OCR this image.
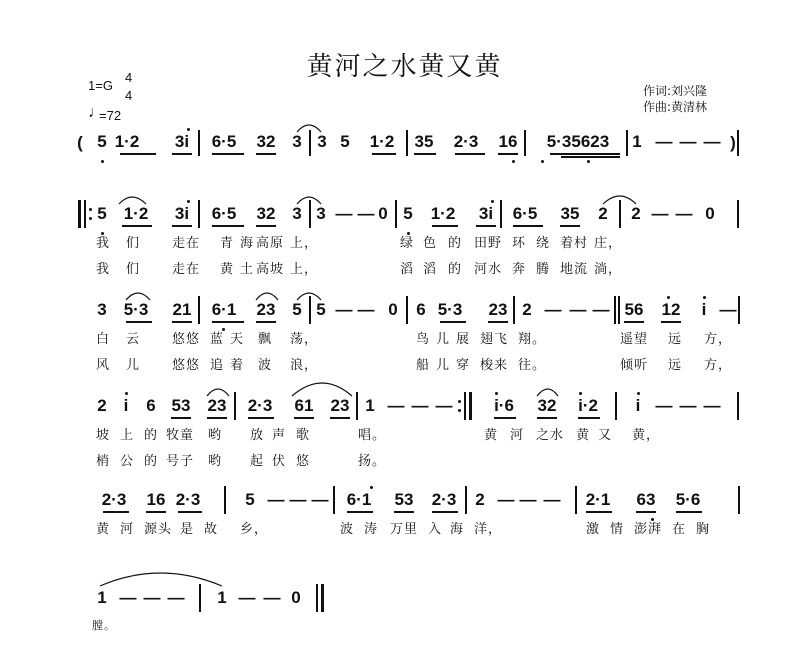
黄河之水黄又黄
1=G
4
4
♩
=72
作词:刘兴隆
作曲:黄清林
( 5 1·2 3i 6·5 32 3 3 5 1·2 35 2·3 16 5·35623 1 — — — )
5 1·2 3i 6·5 32 3 3 — — 0 5 1·2 3i 6·5 35 2 2 — — 0
我 们 走在 青 海 高原 上，	绿 色 的 田野 环 绕 着村 庄，
我 们 走在 黄 土 高坡 上，	滔 滔 的 河水 奔 腾 地流 淌，
3 5·3 21 6·1 23 5 5 — — 0 6 5·3 23 2 — — — 56 12 i —
白 云 悠悠 蓝 天 飘 荡，	鸟 儿 展 翅飞 翔。	遥望 远 方，
风 儿 悠悠 追 着 波 浪，	船 儿 穿 梭来 往。	倾听 远 方，
2 i 6 53 23 2·3 61 23 1 — — — i·6 32 i·2 i — — —
坡 上 的 牧童 哟 放 声 歌	唱。	黄 河 之水 黄 又 黄，
梢 公 的 号子 哟 起 伏 悠	扬。
2·3 16 2·3	5 — — — 6·1 53 2·3 2 — — — 2·1 63 5·6
黄 河 源头 是 故 乡，	波 涛 万里 入 海 洋，	激 情 澎湃 在 胸
1 — — — 1 — — 0
膛。
